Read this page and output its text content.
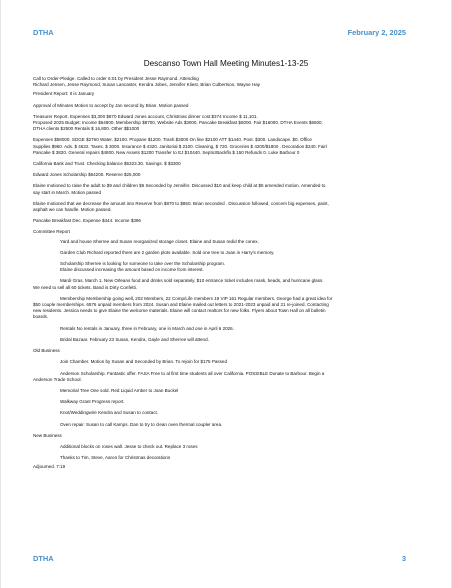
DTHA	February 2, 2025
Descanso Town Hall Meeting Minutes1-13-25

Call to Order-Pledge. Called to order 6:01 by President Jesse Raymond. Attending
Richard Jensen, Jesse Raymond, Susan Lancaster, Kendra Jobes, Jennifer Kliest, Brian Culbertson, Wayne Hay

President Report: It is January

Approval of Minutes Motion to accept by Jan second by Brian. Motion passed

Treasurer Report. Expenses $3,300 $870 Edward Jones account, Christmas dinner cost $374 Income $ 11,101.
Proposed 2025 Budget: Income $64800. Membership $8700, Website Ads $3000. Pancake Breakfast $6000. Fair $16000. DTHA Events $6500.
DTHA clients $2500 Rentals $ 16,800. Other $$1000

Expenses $58000. SDGE $2760 Water. $2100. Propane $1200. Trash $3000 On line $2100 ATT $1440. Post. $300. Landscape. $0. Office
Supplies $960. Ads. $ 4632. Taxes. $ 3000. Insurance $ 4320. Janitorial $ 2100. Cleaning, $ 720. Groceries $ 4200/$1800 . Decoration $240. Fair/
Pancake $ 3820. General repairs $4800. New Assets $1200 Transfer to EJ $10440. Septic/Backflo $ 150 Refunds 0. Luke Barbour 0

California Bank and Trust. Checking balance $5323.30. Savings. $ $3300

Edward Jones Scholarship $64200. Reserve $25,000

Elaine motioned to raise the adult to $9 and children $6 Seconded by Jennifer. Discussed $10 and keep child at $5 amended motion. Amended to
say start in March. Motion passed

Elaine motioned that we decrease the amount into Reserve from $870 to $850. Brian seconded . Discussion followed, concern big expenses, paint,
asphalt we can handle. Motion passed.

Pancake Breakfast Dec. Expense $444. Income $396

Committee Report

Yard and house Sherree and Susan reorganized storage closet. Elaine and Susan redid the conex.

Garden Club Richard reported there are 2 garden plots available. Sold one tree to Joan in Harry's memory.

Scholarship Sherree is looking for someone to take over the Scholarship program.
Elaine discussed increasing the amount based on income from interest.

Mardi Gras. March 1. New Orleans food and drinks sold separately. $10 entrance ticket includes mask, beads, and hurricane glass.
We need to sell all 60 tickets. Band is Dirty Confetti.

Membership Membership going well, 202 Members, 22 Comp/Life members 19 VIP 161 Regular members. George had a great idea for
$50 couple memberships. 6576 unpaid members from 2024. Susan and Elaine mailed out letters to 2021-2023 unpaid and 21 re-joined. Contacting
new residents. Jessica needs to give Elaine the welcome materials. Elaine will contact realtors for new folks. Flyers about Town Hall on all bulletin
boards.

Rentals No rentals in January, three in February, one in March and one in April 6 2026.

Bridal Bazaar. February 23 Susan, Kendra, Gayle and Sherree will attend.

Old Business

Join Chamber. Motion by Susan and Seconded by Brian. To rejoin for $175 Passed

Anderson Scholarship. Fantastic offer. FASA Free to al first time students all over California. POSSIBLE Donate to Barbour. Begin a
Anderson Trade School.

Memorial Tree One sold. Red Liquid Amber to Joan Buckel

Walkway Grant Progress report.

Knot/Weddingwire Kendra and Susan to contact.

Oven repair. Susan to call Kamps. Dan to try to clean oven thermal coupler area.

New Business

Additional blocks on roses wall. Jesse to check out. Replace 3 roses

Thanks to Tim, Steve, Aaron for Christmas decorations

Adjourned. 7:19

DTHA	3
